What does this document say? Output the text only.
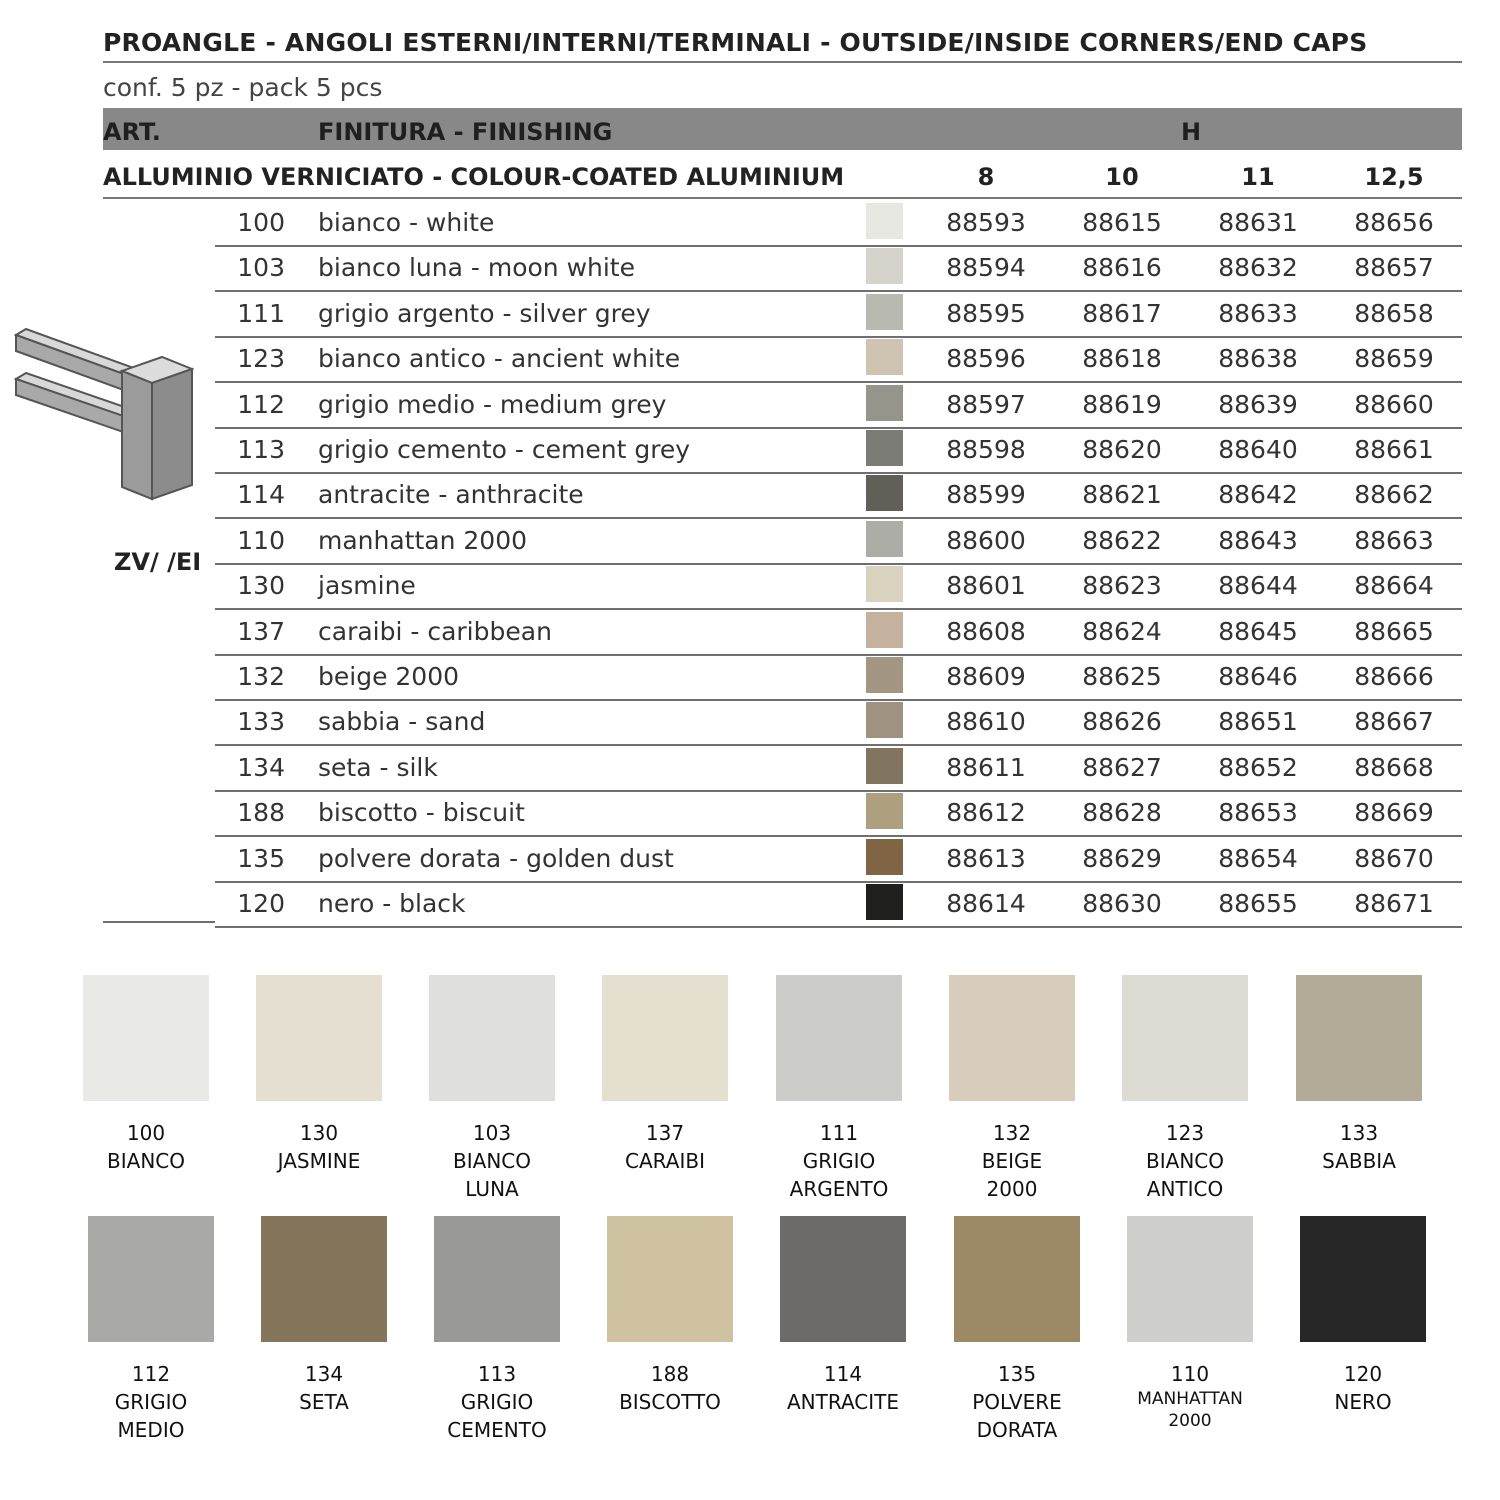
PROANGLE - ANGOLI ESTERNI/INTERNI/TERMINALI - OUTSIDE/INSIDE CORNERS/END CAPS
conf. 5 pz - pack 5 pcs
ART.	FINITURA - FINISHING	H
ALLUMINIO VERNICIATO - COLOUR-COATED ALUMINIUM	8	10	11	12,5
ZV/ /EI
100 bianco - white	88593	88615	88631	88656
103 bianco luna - moon white	88594	88616	88632	88657
111 grigio argento - silver grey	88595	88617	88633	88658
123 bianco antico - ancient white	88596	88618	88638	88659
112 grigio medio - medium grey	88597	88619	88639	88660
113 grigio cemento - cement grey	88598	88620	88640	88661
114 antracite - anthracite	88599	88621	88642	88662
110 manhattan 2000	88600	88622	88643	88663
130 jasmine	88601	88623	88644	88664
137 caraibi - caribbean	88608	88624	88645	88665
132 beige 2000	88609	88625	88646	88666
133 sabbia - sand	88610	88626	88651	88667
134 seta - silk	88611	88627	88652	88668
188 biscotto - biscuit	88612	88628	88653	88669
135 polvere dorata - golden dust	88613	88629	88654	88670
120 nero - black	88614	88630	88655	88671
100
BIANCO
130
JASMINE
103
BIANCO
LUNA
137
CARAIBI
111
GRIGIO
ARGENTO
132
BEIGE
2000
123
BIANCO
ANTICO
133
SABBIA
112
GRIGIO
MEDIO
134
SETA
113
GRIGIO
CEMENTO
188
BISCOTTO
114
ANTRACITE
135
POLVERE
DORATA
110
MANHATTAN
2000
120
NERO
